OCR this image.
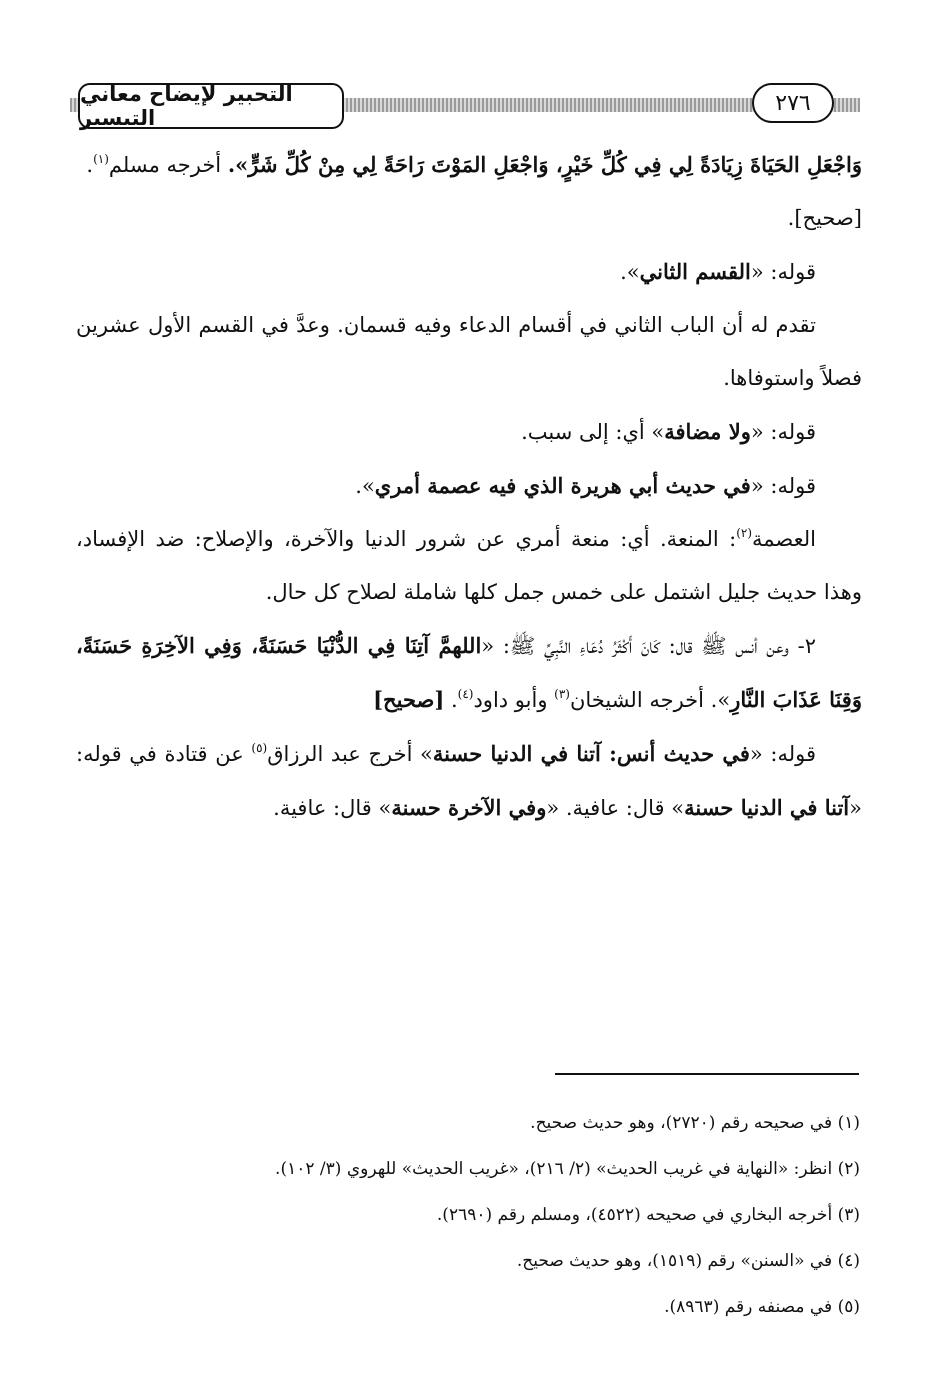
التحبير لإيضاح معاني التيسير
٢٧٦

وَاجْعَلِ الحَيَاةَ زِيَادَةً لِي فِي كُلِّ خَيْرٍ، وَاجْعَلِ المَوْتَ رَاحَةً لِي مِنْ كُلِّ شَرٍّ». أخرجه مسلم$^{(١)}$.
[صحيح].

قوله: «القسم الثاني».

تقدم له أن الباب الثاني في أقسام الدعاء وفيه قسمان. وعدَّ في القسم الأول عشرين فصلاً واستوفاها.

قوله: «ولا مضافة» أي: إلى سبب.

قوله: «في حديث أبي هريرة الذي فيه عصمة أمري».

العصمة$^{(٢)}$: المنعة. أي: منعة أمري عن شرور الدنيا والآخرة، والإصلاح: ضد الإفساد، وهذا حديث جليل اشتمل على خمس جمل كلها شاملة لصلاح كل حال.

٢- وعن أنس ﷺ قال: كَانَ أَكْثَرُ دُعَاءِ النَّبِيِّ ﷺ: «اللهمَّ آتِنَا فِي الدُّنْيَا حَسَنَةً، وَفِي الآخِرَةِ حَسَنَةً، وَقِنَا عَذَابَ النَّارِ». أخرجه الشيخان$^{(٣)}$ وأبو داود$^{(٤)}$. [صحيح]

قوله: «في حديث أنس: آتنا في الدنيا حسنة» أخرج عبد الرزاق$^{(٥)}$ عن قتادة في قوله: «آتنا في الدنيا حسنة» قال: عافية. «وفي الآخرة حسنة» قال: عافية.

(١) في صحيحه رقم (٢٧٢٠)، وهو حديث صحيح.

(٢) انظر: «النهاية في غريب الحديث» (٢/ ٢١٦)، «غريب الحديث» للهروي (٣/ ١٠٢).

(٣) أخرجه البخاري في صحيحه (٤٥٢٢)، ومسلم رقم (٢٦٩٠).

(٤) في «السنن» رقم (١٥١٩)، وهو حديث صحيح.

(٥) في مصنفه رقم (٨٩٦٣).
